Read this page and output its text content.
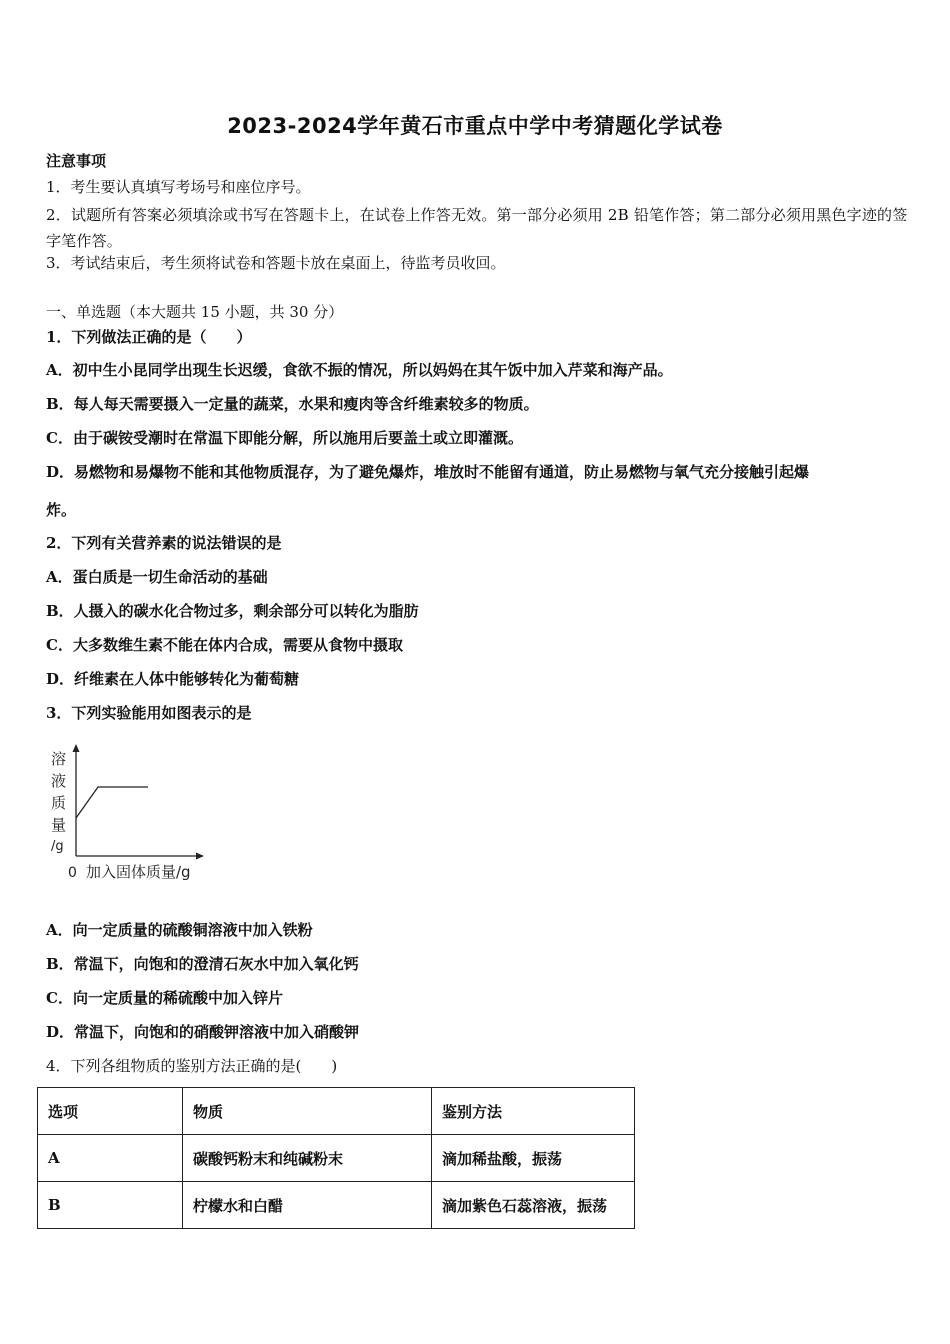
2023-2024学年黄石市重点中学中考猜题化学试卷
注意事项
1．考生要认真填写考场号和座位序号。
2．试题所有答案必须填涂或书写在答题卡上，在试卷上作答无效。第一部分必须用 2B 铅笔作答；第二部分必须用黑色字迹的签字笔作答。
3．考试结束后，考生须将试卷和答题卡放在桌面上，待监考员收回。
一、单选题（本大题共 15 小题，共 30 分）
1．下列做法正确的是（　　）
A．初中生小昆同学出现生长迟缓，食欲不振的情况，所以妈妈在其午饭中加入芹菜和海产品。
B．每人每天需要摄入一定量的蔬菜，水果和瘦肉等含纤维素较多的物质。
C．由于碳铵受潮时在常温下即能分解，所以施用后要盖土或立即灌溉。
D．易燃物和易爆物不能和其他物质混存，为了避免爆炸，堆放时不能留有通道，防止易燃物与氧气充分接触引起爆
炸。
2．下列有关营养素的说法错误的是
A．蛋白质是一切生命活动的基础
B．人摄入的碳水化合物过多，剩余部分可以转化为脂肪
C．大多数维生素不能在体内合成，需要从食物中摄取
D．纤维素在人体中能够转化为葡萄糖
3．下列实验能用如图表示的是
溶
液
质
量
/g
0 加入固体质量/g
A．向一定质量的硫酸铜溶液中加入铁粉
B．常温下，向饱和的澄清石灰水中加入氧化钙
C．向一定质量的稀硫酸中加入锌片
D．常温下，向饱和的硝酸钾溶液中加入硝酸钾
4．下列各组物质的鉴别方法正确的是(　　)
选项	物质	鉴别方法
A	碳酸钙粉末和纯碱粉末	滴加稀盐酸，振荡
B	柠檬水和白醋	滴加紫色石蕊溶液，振荡
